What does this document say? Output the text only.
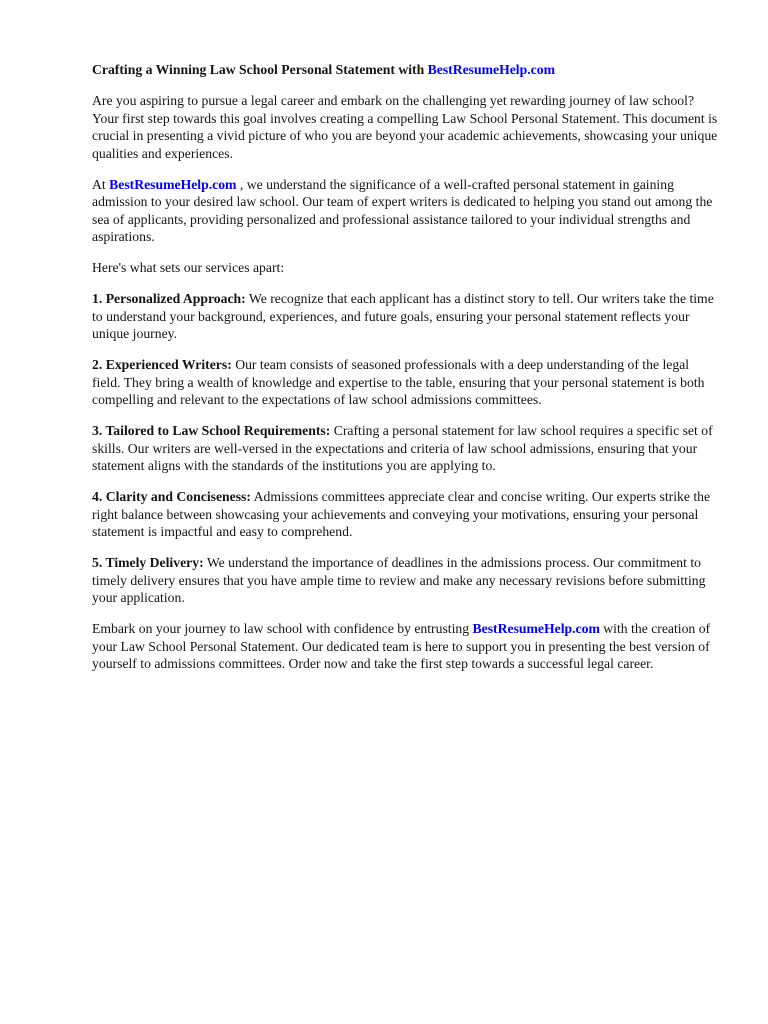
Crafting a Winning Law School Personal Statement with BestResumeHelp.com

Are you aspiring to pursue a legal career and embark on the challenging yet rewarding journey of law school? Your first step towards this goal involves creating a compelling Law School Personal Statement. This document is crucial in presenting a vivid picture of who you are beyond your academic achievements, showcasing your unique qualities and experiences.

At BestResumeHelp.com , we understand the significance of a well-crafted personal statement in gaining admission to your desired law school. Our team of expert writers is dedicated to helping you stand out among the sea of applicants, providing personalized and professional assistance tailored to your individual strengths and aspirations.

Here's what sets our services apart:

1. Personalized Approach: We recognize that each applicant has a distinct story to tell. Our writers take the time to understand your background, experiences, and future goals, ensuring your personal statement reflects your unique journey.

2. Experienced Writers: Our team consists of seasoned professionals with a deep understanding of the legal field. They bring a wealth of knowledge and expertise to the table, ensuring that your personal statement is both compelling and relevant to the expectations of law school admissions committees.

3. Tailored to Law School Requirements: Crafting a personal statement for law school requires a specific set of skills. Our writers are well-versed in the expectations and criteria of law school admissions, ensuring that your statement aligns with the standards of the institutions you are applying to.

4. Clarity and Conciseness: Admissions committees appreciate clear and concise writing. Our experts strike the right balance between showcasing your achievements and conveying your motivations, ensuring your personal statement is impactful and easy to comprehend.

5. Timely Delivery: We understand the importance of deadlines in the admissions process. Our commitment to timely delivery ensures that you have ample time to review and make any necessary revisions before submitting your application.

Embark on your journey to law school with confidence by entrusting BestResumeHelp.com with the creation of your Law School Personal Statement. Our dedicated team is here to support you in presenting the best version of yourself to admissions committees. Order now and take the first step towards a successful legal career.
